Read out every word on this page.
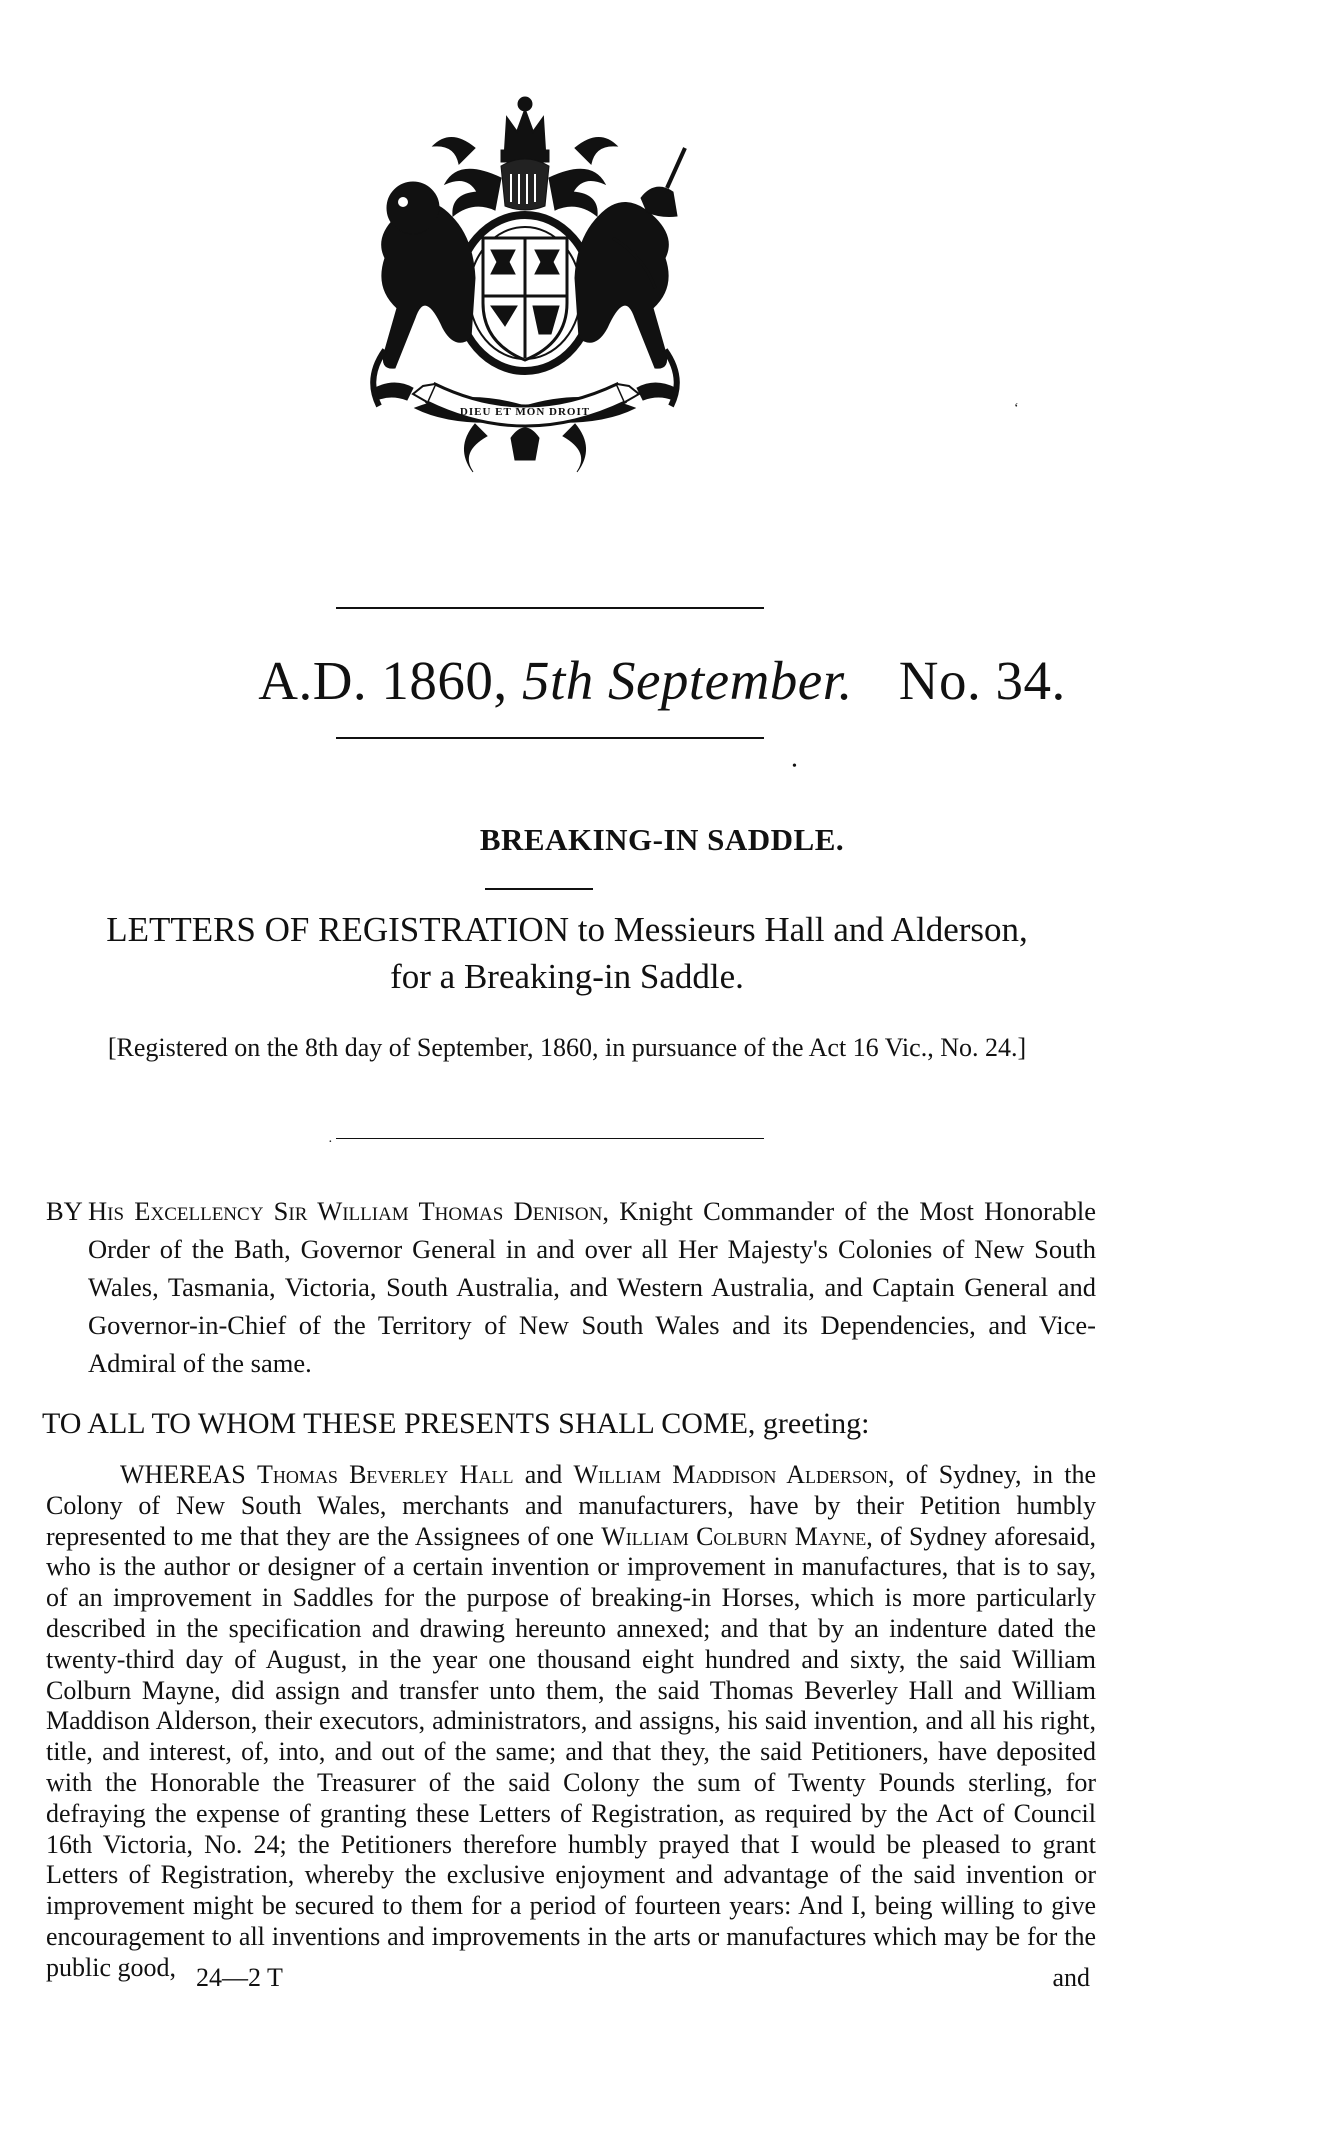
DIEU ET MON DROIT	‘
A.D. 1860, 5th September. No. 34.
•
BREAKING-IN SADDLE.
LETTERS OF REGISTRATION to Messieurs Hall and Alderson,
for a Breaking-in Saddle.
[Registered on the 8th day of September, 1860, in pursuance of the Act 16 Vic., No. 24.]
·
BY His Excellency Sir William Thomas Denison, Knight Commander of the Most Honorable Order of the Bath, Governor General in and over all Her Majesty's Colonies of New South Wales, Tasmania, Victoria, South Australia, and Western Australia, and Captain General and Governor-in-Chief of the Territory of New South Wales and its Dependencies, and Vice-Admiral of the same.
TO ALL TO WHOM THESE PRESENTS SHALL COME, greeting:
WHEREAS Thomas Beverley Hall and William Maddison Alderson, of Sydney, in the Colony of New South Wales, merchants and manufacturers, have by their Petition humbly represented to me that they are the Assignees of one William Colburn Mayne, of Sydney aforesaid, who is the author or designer of a certain invention or improvement in manufactures, that is to say, of an improvement in Saddles for the purpose of breaking-in Horses, which is more particularly described in the specification and drawing hereunto annexed; and that by an indenture dated the twenty-third day of August, in the year one thousand eight hundred and sixty, the said William Colburn Mayne, did assign and transfer unto them, the said Thomas Beverley Hall and William Maddison Alderson, their executors, administrators, and assigns, his said invention, and all his right, title, and interest, of, into, and out of the same; and that they, the said Petitioners, have deposited with the Honorable the Treasurer of the said Colony the sum of Twenty Pounds sterling, for defraying the expense of granting these Letters of Registration, as required by the Act of Council 16th Victoria, No. 24; the Petitioners therefore humbly prayed that I would be pleased to grant Letters of Registration, whereby the exclusive enjoyment and advantage of the said invention or improvement might be secured to them for a period of fourteen years: And I, being willing to give encouragement to all inventions and improvements in the arts or manufactures which may be for the public good, 24—2 T	and
